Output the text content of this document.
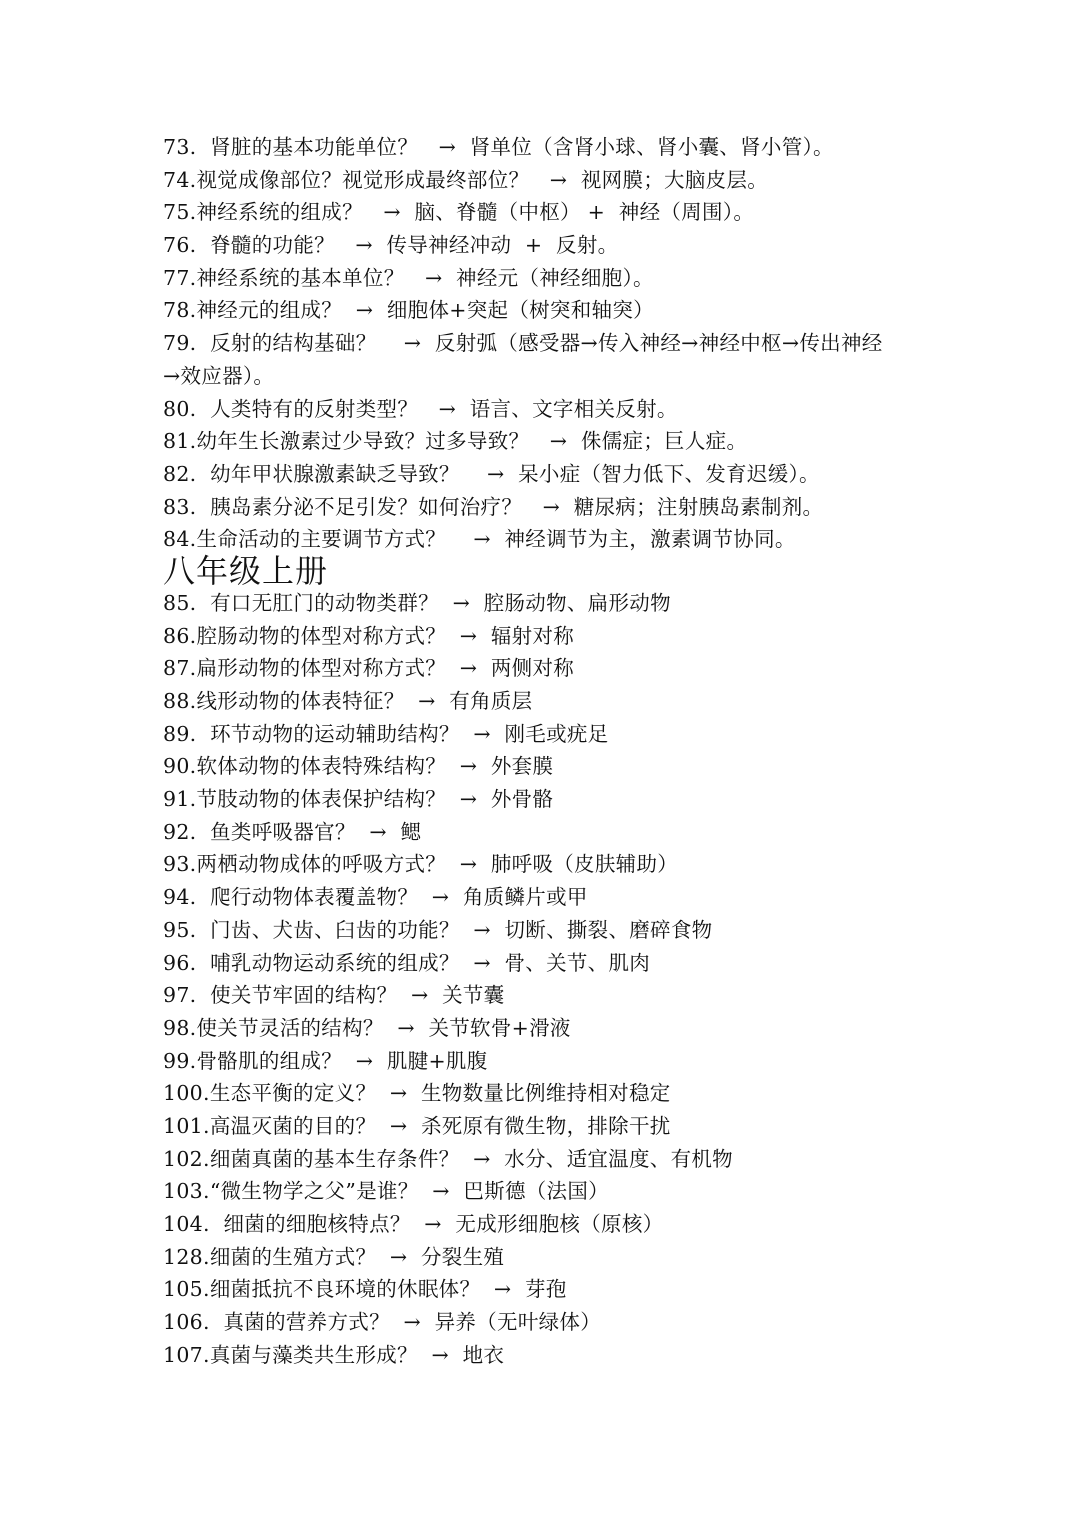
73.  肾脏的基本功能单位？   →  肾单位（含肾小球、肾小囊、肾小管）。
74.视觉成像部位？视觉形成最终部位？   →  视网膜；大脑皮层。
75.神经系统的组成？   →  脑、脊髓（中枢） +  神经（周围）。
76.  脊髓的功能？   →  传导神经冲动  +  反射。
77.神经系统的基本单位？   →  神经元（神经细胞）。
78.神经元的组成？  →  细胞体+突起（树突和轴突）
79.  反射的结构基础？    →  反射弧（感受器→传入神经→神经中枢→传出神经
→效应器）。
80.  人类特有的反射类型？   →  语言、文字相关反射。
81.幼年生长激素过少导致？过多导致？   →  侏儒症；巨人症。
82.  幼年甲状腺激素缺乏导致？    →  呆小症（智力低下、发育迟缓）。
83.  胰岛素分泌不足引发？如何治疗？   →  糖尿病；注射胰岛素制剂。
84.生命活动的主要调节方式？    →  神经调节为主，激素调节协同。
八年级上册
85.  有口无肛门的动物类群？  →  腔肠动物、扁形动物
86.腔肠动物的体型对称方式？  →  辐射对称
87.扁形动物的体型对称方式？  →  两侧对称
88.线形动物的体表特征？  →  有角质层
89.  环节动物的运动辅助结构？  →  刚毛或疣足
90.软体动物的体表特殊结构？  →  外套膜
91.节肢动物的体表保护结构？  →  外骨骼
92.  鱼类呼吸器官？  →  鳃
93.两栖动物成体的呼吸方式？  →  肺呼吸（皮肤辅助）
94.  爬行动物体表覆盖物？  →  角质鳞片或甲
95.  门齿、犬齿、臼齿的功能？  →  切断、撕裂、磨碎食物
96.  哺乳动物运动系统的组成？  →  骨、关节、肌肉
97.  使关节牢固的结构？  →  关节囊
98.使关节灵活的结构？  →  关节软骨+滑液
99.骨骼肌的组成？  →  肌腱+肌腹
100.生态平衡的定义？  →  生物数量比例维持相对稳定
101.高温灭菌的目的？  →  杀死原有微生物，排除干扰
102.细菌真菌的基本生存条件？  →  水分、适宜温度、有机物
103.“微生物学之父”是谁？  →  巴斯德（法国）
104.  细菌的细胞核特点？  →  无成形细胞核（原核）
128.细菌的生殖方式？  →  分裂生殖
105.细菌抵抗不良环境的休眠体？  →  芽孢
106.  真菌的营养方式？  →  异养（无叶绿体）
107.真菌与藻类共生形成？  →  地衣
